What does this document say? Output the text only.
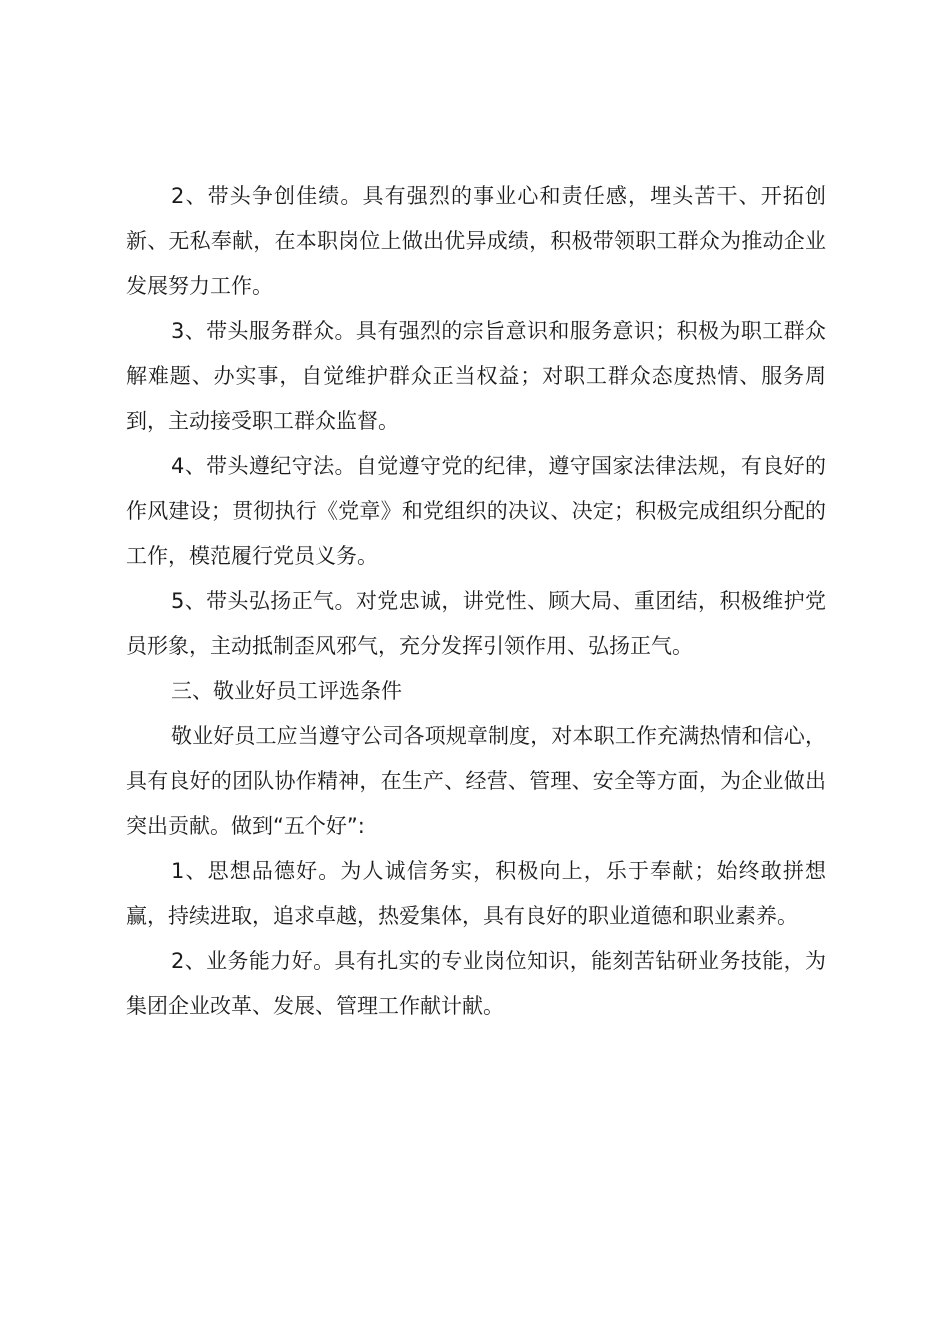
2、带头争创佳绩。具有强烈的事业心和责任感，埋头苦干、开拓创新、无私奉献，在本职岗位上做出优异成绩，积极带领职工群众为推动企业发展努力工作。

3、带头服务群众。具有强烈的宗旨意识和服务意识；积极为职工群众解难题、办实事，自觉维护群众正当权益；对职工群众态度热情、服务周到，主动接受职工群众监督。

4、带头遵纪守法。自觉遵守党的纪律，遵守国家法律法规，有良好的作风建设；贯彻执行《党章》和党组织的决议、决定；积极完成组织分配的工作，模范履行党员义务。

5、带头弘扬正气。对党忠诚，讲党性、顾大局、重团结，积极维护党员形象，主动抵制歪风邪气，充分发挥引领作用、弘扬正气。

三、敬业好员工评选条件

敬业好员工应当遵守公司各项规章制度，对本职工作充满热情和信心，具有良好的团队协作精神，在生产、经营、管理、安全等方面，为企业做出突出贡献。做到“五个好”:

1、思想品德好。为人诚信务实，积极向上，乐于奉献；始终敢拼想赢，持续进取，追求卓越，热爱集体，具有良好的职业道德和职业素养。

2、业务能力好。具有扎实的专业岗位知识，能刻苦钻研业务技能，为集团企业改革、发展、管理工作献计献。
